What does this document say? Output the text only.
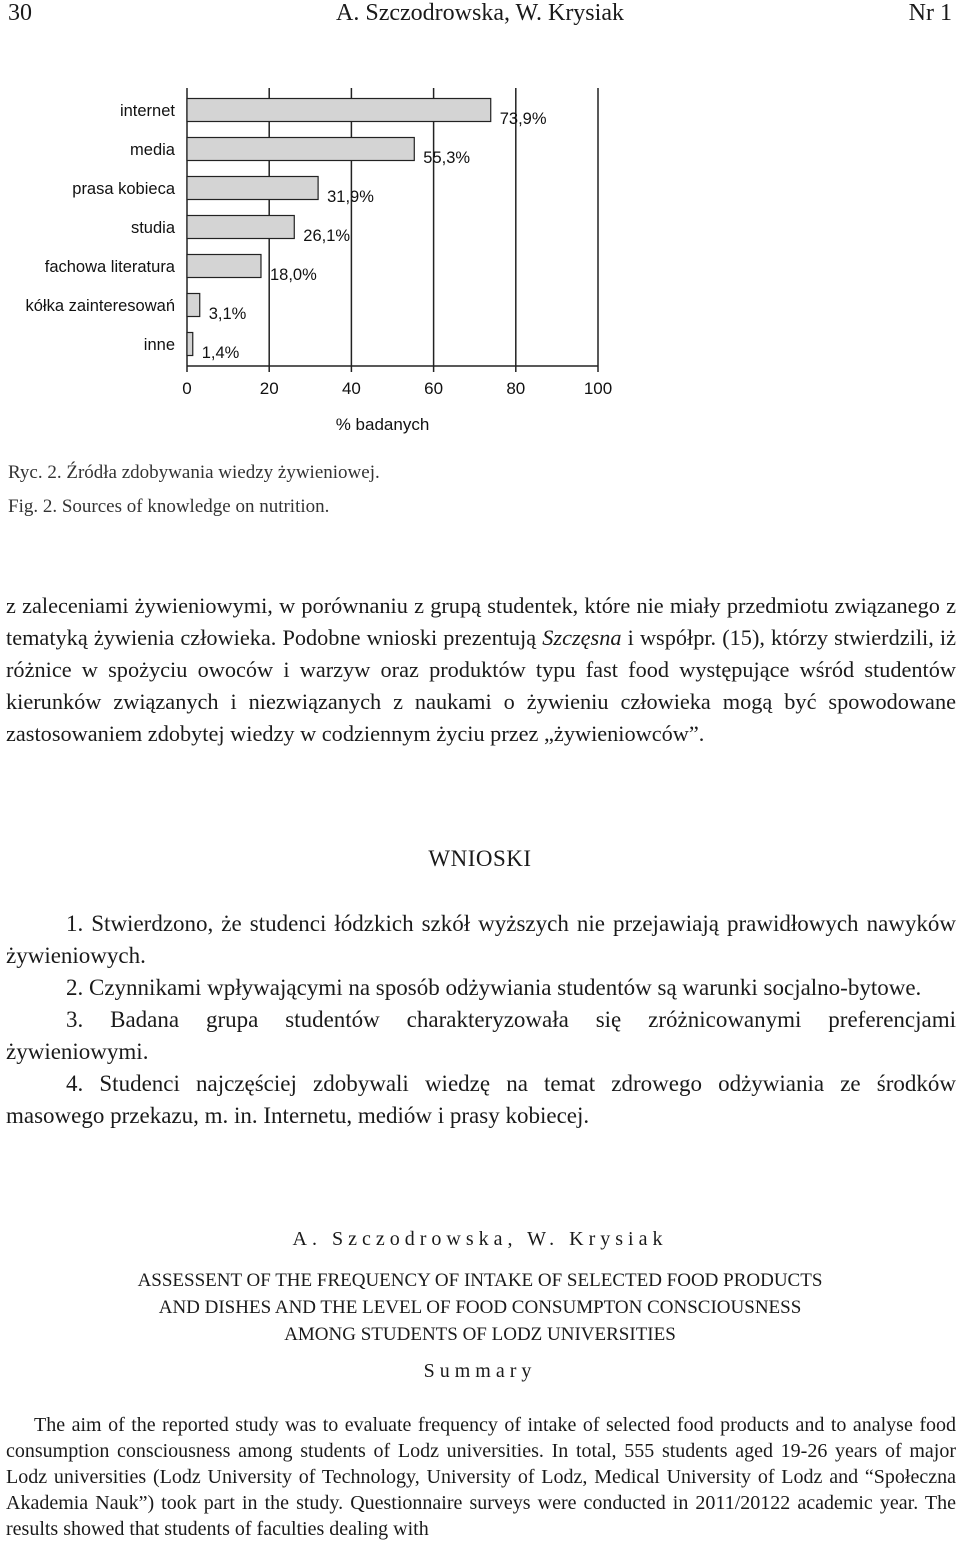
A. Szczodrowska, W. Krysiak
30	Nr 1
0	20	40	60	80	100
internet	73,9%
media	55,3%
prasa kobieca	31,9%
studia	26,1%
fachowa literatura	18,0%
kółka zainteresowań 3,1%
inne 1,4%
% badanych
Ryc. 2. Źródła zdobywania wiedzy żywieniowej.
Fig. 2. Sources of knowledge on nutrition.

z zaleceniami żywieniowymi, w porównaniu z grupą studentek, które nie miały przedmiotu związanego z tematyką żywienia człowieka. Podobne wnioski prezentują Szczęsna i współpr. (15), którzy stwierdzili, iż różnice w spożyciu owoców i warzyw oraz produktów typu fast food występujące wśród studentów kierunków związanych i niezwiązanych z naukami o żywieniu człowieka mogą być spowodowane zastosowaniem zdobytej wiedzy w codziennym życiu przez „żywieniowców”.

WNIOSKI

1. Stwierdzono, że studenci łódzkich szkół wyższych nie przejawiają prawidłowych nawyków żywieniowych.

2. Czynnikami wpływającymi na sposób odżywiania studentów są warunki socjalno-bytowe.

3. Badana grupa studentów charakteryzowała się zróżnicowanymi preferencjami żywieniowymi.

4. Studenci najczęściej zdobywali wiedzę na temat zdrowego odżywiania ze środków masowego przekazu, m. in. Internetu, mediów i prasy kobiecej.

A. Szczodrowska, W. Krysiak
ASSESSENT OF THE FREQUENCY OF INTAKE OF SELECTED FOOD PRODUCTS
AND DISHES AND THE LEVEL OF FOOD CONSUMPTON CONSCIOUSNESS
AMONG STUDENTS OF LODZ UNIVERSITIES
Summary

The aim of the reported study was to evaluate frequency of intake of selected food products and to analyse food consumption consciousness among students of Lodz universities. In total, 555 students aged 19-26 years of major Lodz universities (Lodz University of Technology, University of Lodz, Medical University of Lodz and “Społeczna Akademia Nauk”) took part in the study. Questionnaire surveys were conducted in 2011/20122 academic year. The results showed that students of faculties dealing with
